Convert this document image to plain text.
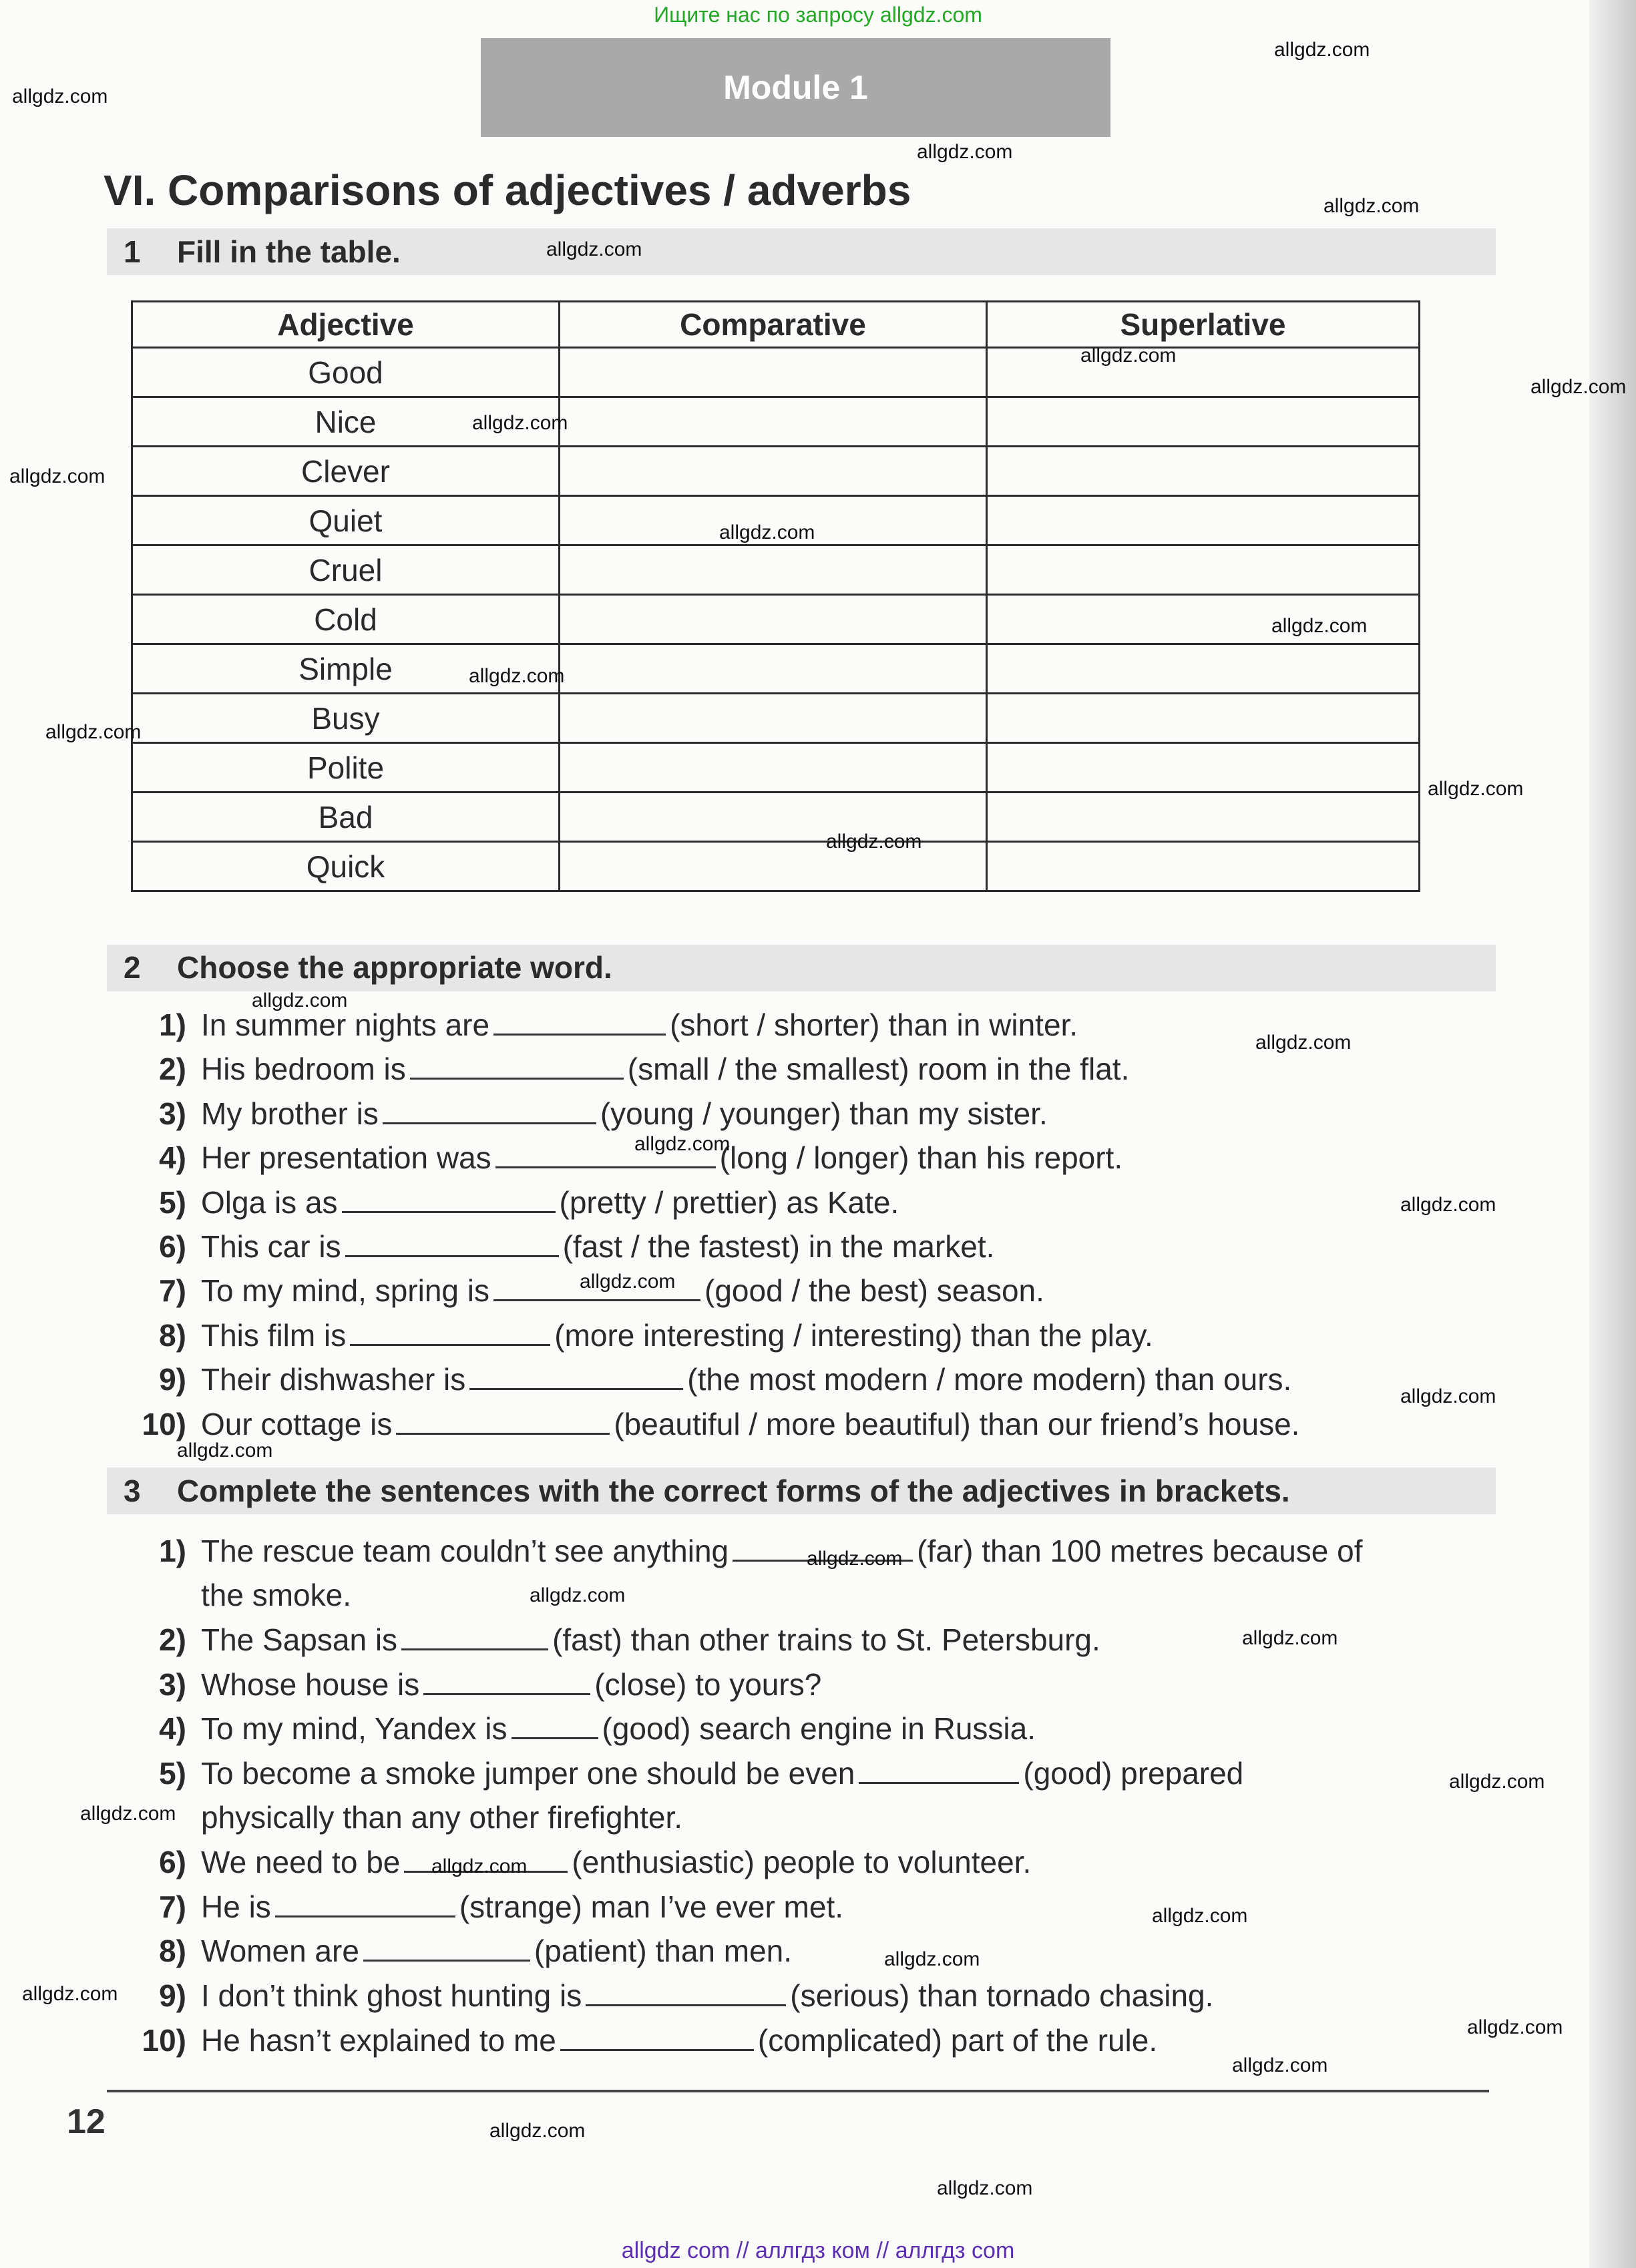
Ищите нас по запросу allgdz.com
Module 1
VI. Comparisons of adjectives / adverbs
1 Fill in the table.
Adjective	Comparative	Superlative
Good		
Nice		
Clever		
Quiet		
Cruel		
Cold		
Simple		
Busy		
Polite		
Bad		
Quick		
2 Choose the appropriate word.
1) In summer nights are	(short / shorter) than in winter.
2) His bedroom is	(small / the smallest) room in the flat.
3) My brother is	(young / younger) than my sister.
4) Her presentation was	(long / longer) than his report.
5) Olga is as	(pretty / prettier) as Kate.
6) This car is	(fast / the fastest) in the market.
7) To my mind, spring is	(good / the best) season.
8) This film is	(more interesting / interesting) than the play.
9) Their dishwasher is	(the most modern / more modern) than ours.
10) Our cottage is	(beautiful / more beautiful) than our friend’s house.
3 Complete the sentences with the correct forms of the adjectives in brackets.
1) The rescue team couldn’t see anything	(far) than 100 metres because of
the smoke.
2) The Sapsan is	(fast) than other trains to St. Petersburg.
3) Whose house is	(close) to yours?
4) To my mind, Yandex is	(good) search engine in Russia.
5) To become a smoke jumper one should be even	(good) prepared
physically than any other firefighter.
6) We need to be	(enthusiastic) people to volunteer.
7) He is	(strange) man I’ve ever met.
8) Women are	(patient) than men.
9) I don’t think ghost hunting is	(serious) than tornado chasing.
10) He hasn’t explained to me	(complicated) part of the rule.
12
allgdz.com
allgdz.com
allgdz.com
allgdz.com
allgdz.com
allgdz.com
allgdz.com
allgdz.com
allgdz.com
allgdz.com
allgdz.com
allgdz.com
allgdz.com
allgdz.com
allgdz.com
allgdz.com
allgdz.com
allgdz.com
allgdz.com
allgdz.com
allgdz.com
allgdz.com
allgdz.com
allgdz.com
allgdz.com
allgdz.com
allgdz.com
allgdz.com
allgdz.com
allgdz.com
allgdz.com
allgdz.com
allgdz.com
allgdz.com
allgdz.com
allgdz com // аллгдз ком // аллгдз com
